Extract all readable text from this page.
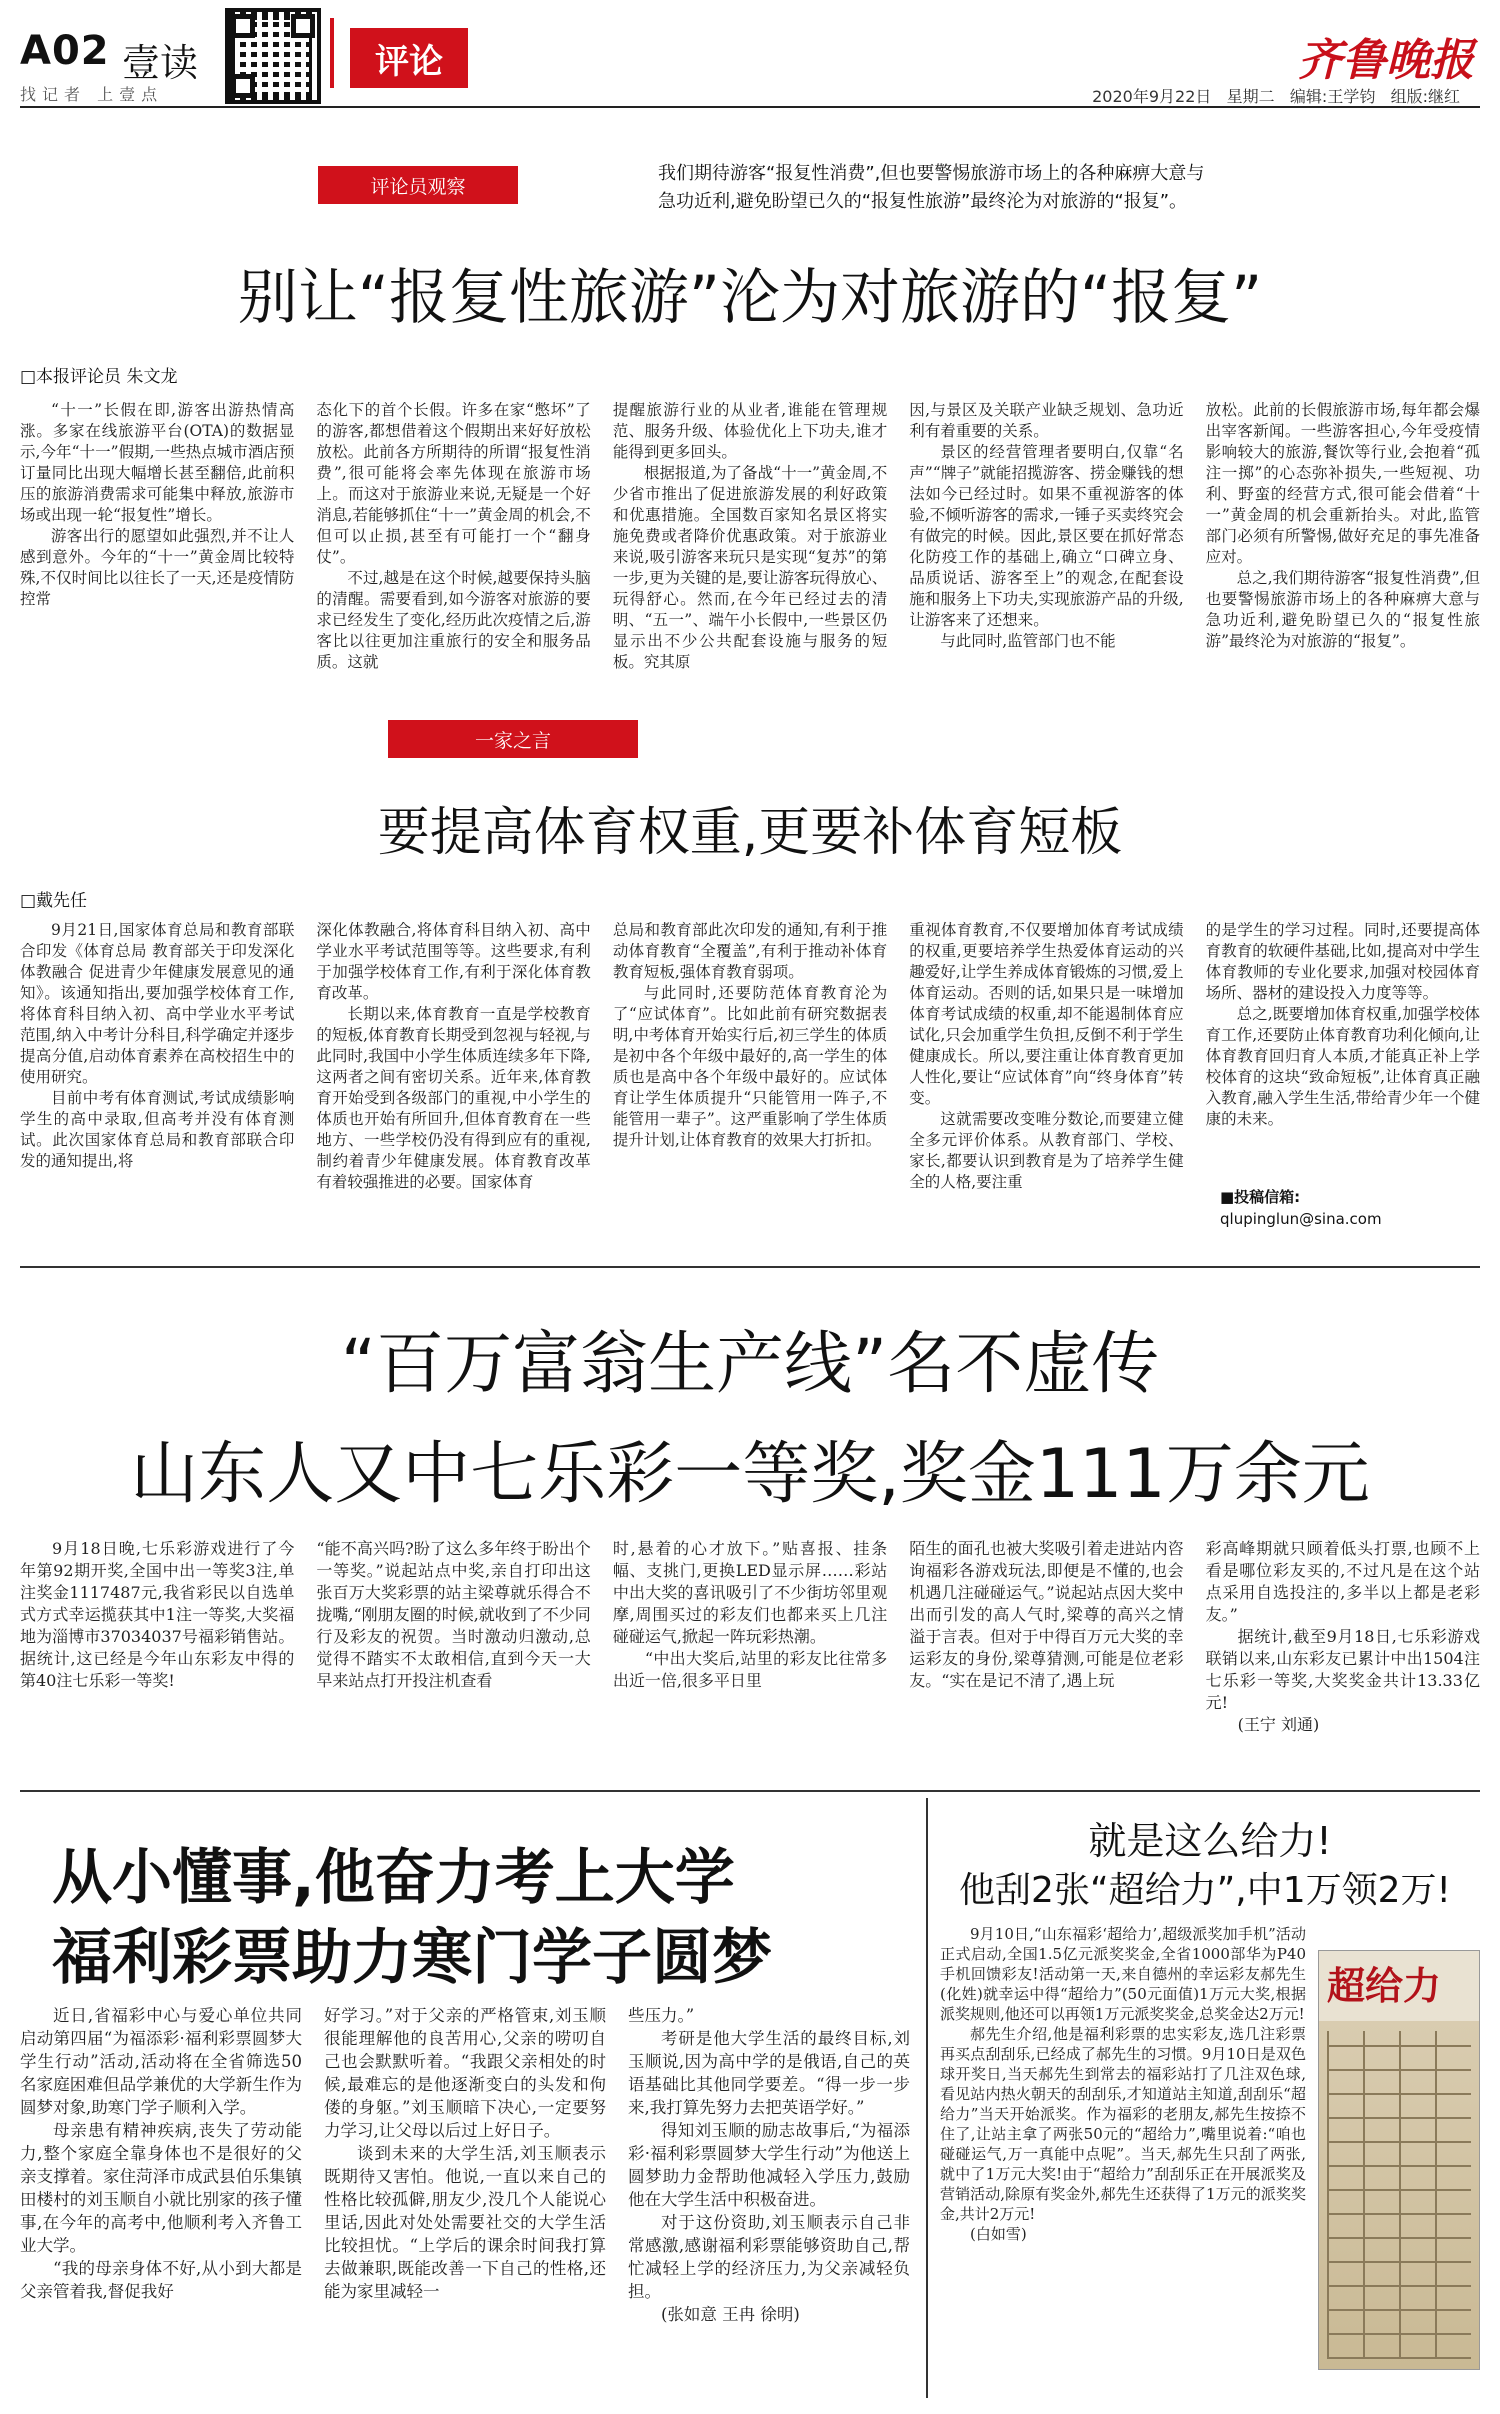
A02 壹读
找记者 上壹点
评论	齐鲁晚报
2020年9月22日 星期二 编辑:王学钧 组版:继红
评论员观察
我们期待游客“报复性消费”,但也要警惕旅游市场上的各种麻痹大意与急功近利,避免盼望已久的“报复性旅游”最终沦为对旅游的“报复”。
别让“报复性旅游”沦为对旅游的“报复”
□本报评论员 朱文龙

“十一”长假在即,游客出游热情高涨。多家在线旅游平台(OTA)的数据显示,今年“十一”假期,一些热点城市酒店预订量同比出现大幅增长甚至翻倍,此前积压的旅游消费需求可能集中释放,旅游市场或出现一轮“报复性”增长。

游客出行的愿望如此强烈,并不让人感到意外。今年的“十一”黄金周比较特殊,不仅时间比以往长了一天,还是疫情防控常

态化下的首个长假。许多在家“憋坏”了的游客,都想借着这个假期出来好好放松放松。此前各方所期待的所谓“报复性消费”,很可能将会率先体现在旅游市场上。而这对于旅游业来说,无疑是一个好消息,若能够抓住“十一”黄金周的机会,不但可以止损,甚至有可能打一个“翻身仗”。

不过,越是在这个时候,越要保持头脑的清醒。需要看到,如今游客对旅游的要求已经发生了变化,经历此次疫情之后,游客比以往更加注重旅行的安全和服务品质。这就

提醒旅游行业的从业者,谁能在管理规范、服务升级、体验优化上下功夫,谁才能得到更多回头。

根据报道,为了备战“十一”黄金周,不少省市推出了促进旅游发展的利好政策和优惠措施。全国数百家知名景区将实施免费或者降价优惠政策。对于旅游业来说,吸引游客来玩只是实现“复苏”的第一步,更为关键的是,要让游客玩得放心、玩得舒心。然而,在今年已经过去的清明、“五一”、端午小长假中,一些景区仍显示出不少公共配套设施与服务的短板。究其原

因,与景区及关联产业缺乏规划、急功近利有着重要的关系。

景区的经营管理者要明白,仅靠“名声”“牌子”就能招揽游客、捞金赚钱的想法如今已经过时。如果不重视游客的体验,不倾听游客的需求,一锤子买卖终究会有做完的时候。因此,景区要在抓好常态化防疫工作的基础上,确立“口碑立身、品质说话、游客至上”的观念,在配套设施和服务上下功夫,实现旅游产品的升级,让游客来了还想来。

与此同时,监管部门也不能

放松。此前的长假旅游市场,每年都会爆出宰客新闻。一些游客担心,今年受疫情影响较大的旅游,餐饮等行业,会抱着“孤注一掷”的心态弥补损失,一些短视、功利、野蛮的经营方式,很可能会借着“十一”黄金周的机会重新抬头。对此,监管部门必须有所警惕,做好充足的事先准备应对。

总之,我们期待游客“报复性消费”,但也要警惕旅游市场上的各种麻痹大意与急功近利,避免盼望已久的“报复性旅游”最终沦为对旅游的“报复”。

一家之言
要提高体育权重,更要补体育短板
□戴先任

9月21日,国家体育总局和教育部联合印发《体育总局 教育部关于印发深化体教融合 促进青少年健康发展意见的通知》。该通知指出,要加强学校体育工作,将体育科目纳入初、高中学业水平考试范围,纳入中考计分科目,科学确定并逐步提高分值,启动体育素养在高校招生中的使用研究。

目前中考有体育测试,考试成绩影响学生的高中录取,但高考并没有体育测试。此次国家体育总局和教育部联合印发的通知提出,将

深化体教融合,将体育科目纳入初、高中学业水平考试范围等等。这些要求,有利于加强学校体育工作,有利于深化体育教育改革。

长期以来,体育教育一直是学校教育的短板,体育教育长期受到忽视与轻视,与此同时,我国中小学生体质连续多年下降,这两者之间有密切关系。近年来,体育教育开始受到各级部门的重视,中小学生的体质也开始有所回升,但体育教育在一些地方、一些学校仍没有得到应有的重视,制约着青少年健康发展。体育教育改革有着较强推进的必要。国家体育

总局和教育部此次印发的通知,有利于推动体育教育“全覆盖”,有利于推动补体育教育短板,强体育教育弱项。

与此同时,还要防范体育教育沦为了“应试体育”。比如此前有研究数据表明,中考体育开始实行后,初三学生的体质是初中各个年级中最好的,高一学生的体质也是高中各个年级中最好的。应试体育让学生体质提升“只能管用一阵子,不能管用一辈子”。这严重影响了学生体质提升计划,让体育教育的效果大打折扣。

重视体育教育,不仅要增加体育考试成绩的权重,更要培养学生热爱体育运动的兴趣爱好,让学生养成体育锻炼的习惯,爱上体育运动。否则的话,如果只是一味增加体育考试成绩的权重,却不能遏制体育应试化,只会加重学生负担,反倒不利于学生健康成长。所以,要注重让体育教育更加人性化,要让“应试体育”向“终身体育”转变。

这就需要改变唯分数论,而要建立健全多元评价体系。从教育部门、学校、家长,都要认识到教育是为了培养学生健全的人格,要注重

的是学生的学习过程。同时,还要提高体育教育的软硬件基础,比如,提高对中学生体育教师的专业化要求,加强对校园体育场所、器材的建设投入力度等等。

总之,既要增加体育权重,加强学校体育工作,还要防止体育教育功利化倾向,让体育教育回归育人本质,才能真正补上学校体育的这块“致命短板”,让体育真正融入教育,融入学生生活,带给青少年一个健康的未来。

■投稿信箱:
qlupinglun@sina.com
“百万富翁生产线”名不虚传
山东人又中七乐彩一等奖,奖金111万余元

9月18日晚,七乐彩游戏进行了今年第92期开奖,全国中出一等奖3注,单注奖金1117487元,我省彩民以自选单式方式幸运揽获其中1注一等奖,大奖福地为淄博市37034037号福彩销售站。据统计,这已经是今年山东彩友中得的第40注七乐彩一等奖!

“能不高兴吗?盼了这么多年终于盼出个一等奖。”说起站点中奖,亲自打印出这张百万大奖彩票的站主梁尊就乐得合不拢嘴,“刚朋友圈的时候,就收到了不少同行及彩友的祝贺。当时激动归激动,总觉得不踏实不太敢相信,直到今天一大早来站点打开投注机查看

时,悬着的心才放下。”贴喜报、挂条幅、支挑门,更换LED显示屏……彩站中出大奖的喜讯吸引了不少街坊邻里观摩,周围买过的彩友们也都来买上几注碰碰运气,掀起一阵玩彩热潮。

“中出大奖后,站里的彩友比往常多出近一倍,很多平日里

陌生的面孔也被大奖吸引着走进站内咨询福彩各游戏玩法,即便是不懂的,也会机遇几注碰碰运气。”说起站点因大奖中出而引发的高人气时,梁尊的高兴之情溢于言表。但对于中得百万元大奖的幸运彩友的身份,梁尊猜测,可能是位老彩友。“实在是记不清了,遇上玩

彩高峰期就只顾着低头打票,也顾不上看是哪位彩友买的,不过凡是在这个站点采用自选投注的,多半以上都是老彩友。”

据统计,截至9月18日,七乐彩游戏联销以来,山东彩友已累计中出1504注七乐彩一等奖,大奖奖金共计13.33亿元!

(王宁 刘通)

从小懂事,他奋力考上大学
福利彩票助力寒门学子圆梦

近日,省福彩中心与爱心单位共同启动第四届“为福添彩·福利彩票圆梦大学生行动”活动,活动将在全省筛选50名家庭困难但品学兼优的大学新生作为圆梦对象,助寒门学子顺利入学。

母亲患有精神疾病,丧失了劳动能力,整个家庭全靠身体也不是很好的父亲支撑着。家住菏泽市成武县伯乐集镇田楼村的刘玉顺自小就比别家的孩子懂事,在今年的高考中,他顺利考入齐鲁工业大学。

“我的母亲身体不好,从小到大都是父亲管着我,督促我好

好学习。”对于父亲的严格管束,刘玉顺很能理解他的良苦用心,父亲的唠叨自己也会默默听着。“我跟父亲相处的时候,最难忘的是他逐渐变白的头发和佝偻的身躯。”刘玉顺暗下决心,一定要努力学习,让父母以后过上好日子。

谈到未来的大学生活,刘玉顺表示既期待又害怕。他说,一直以来自己的性格比较孤僻,朋友少,没几个人能说心里话,因此对处处需要社交的大学生活比较担忧。“上学后的课余时间我打算去做兼职,既能改善一下自己的性格,还能为家里减轻一

些压力。”

考研是他大学生活的最终目标,刘玉顺说,因为高中学的是俄语,自己的英语基础比其他同学要差。“得一步一步来,我打算先努力去把英语学好。”

得知刘玉顺的励志故事后,“为福添彩·福利彩票圆梦大学生行动”为他送上圆梦助力金帮助他减轻入学压力,鼓励他在大学生活中积极奋进。

对于这份资助,刘玉顺表示自己非常感激,感谢福利彩票能够资助自己,帮忙减轻上学的经济压力,为父亲减轻负担。

(张如意 王冉 徐明)

就是这么给力!
他刮2张“超给力”,中1万领2万!

9月10日,“山东福彩‘超给力’,超级派奖加手机”活动正式启动,全国1.5亿元派奖奖金,全省1000部华为P40手机回馈彩友!活动第一天,来自德州的幸运彩友郝先生(化姓)就幸运中得“超给力”(50元面值)1万元大奖,根据派奖规则,他还可以再领1万元派奖奖金,总奖金达2万元!

郝先生介绍,他是福利彩票的忠实彩友,选几注彩票再买点刮刮乐,已经成了郝先生的习惯。9月10日是双色球开奖日,当天郝先生到常去的福彩站打了几注双色球,看见站内热火朝天的刮刮乐,才知道站主知道,刮刮乐“超给力”当天开始派奖。作为福彩的老朋友,郝先生按捺不住了,让站主拿了两张50元的“超给力”,嘴里说着:“咱也碰碰运气,万一真能中点呢”。当天,郝先生只刮了两张,就中了1万元大奖!由于“超给力”刮刮乐正在开展派奖及营销活动,除原有奖金外,郝先生还获得了1万元的派奖奖金,共计2万元!

(白如雪)

超给力
